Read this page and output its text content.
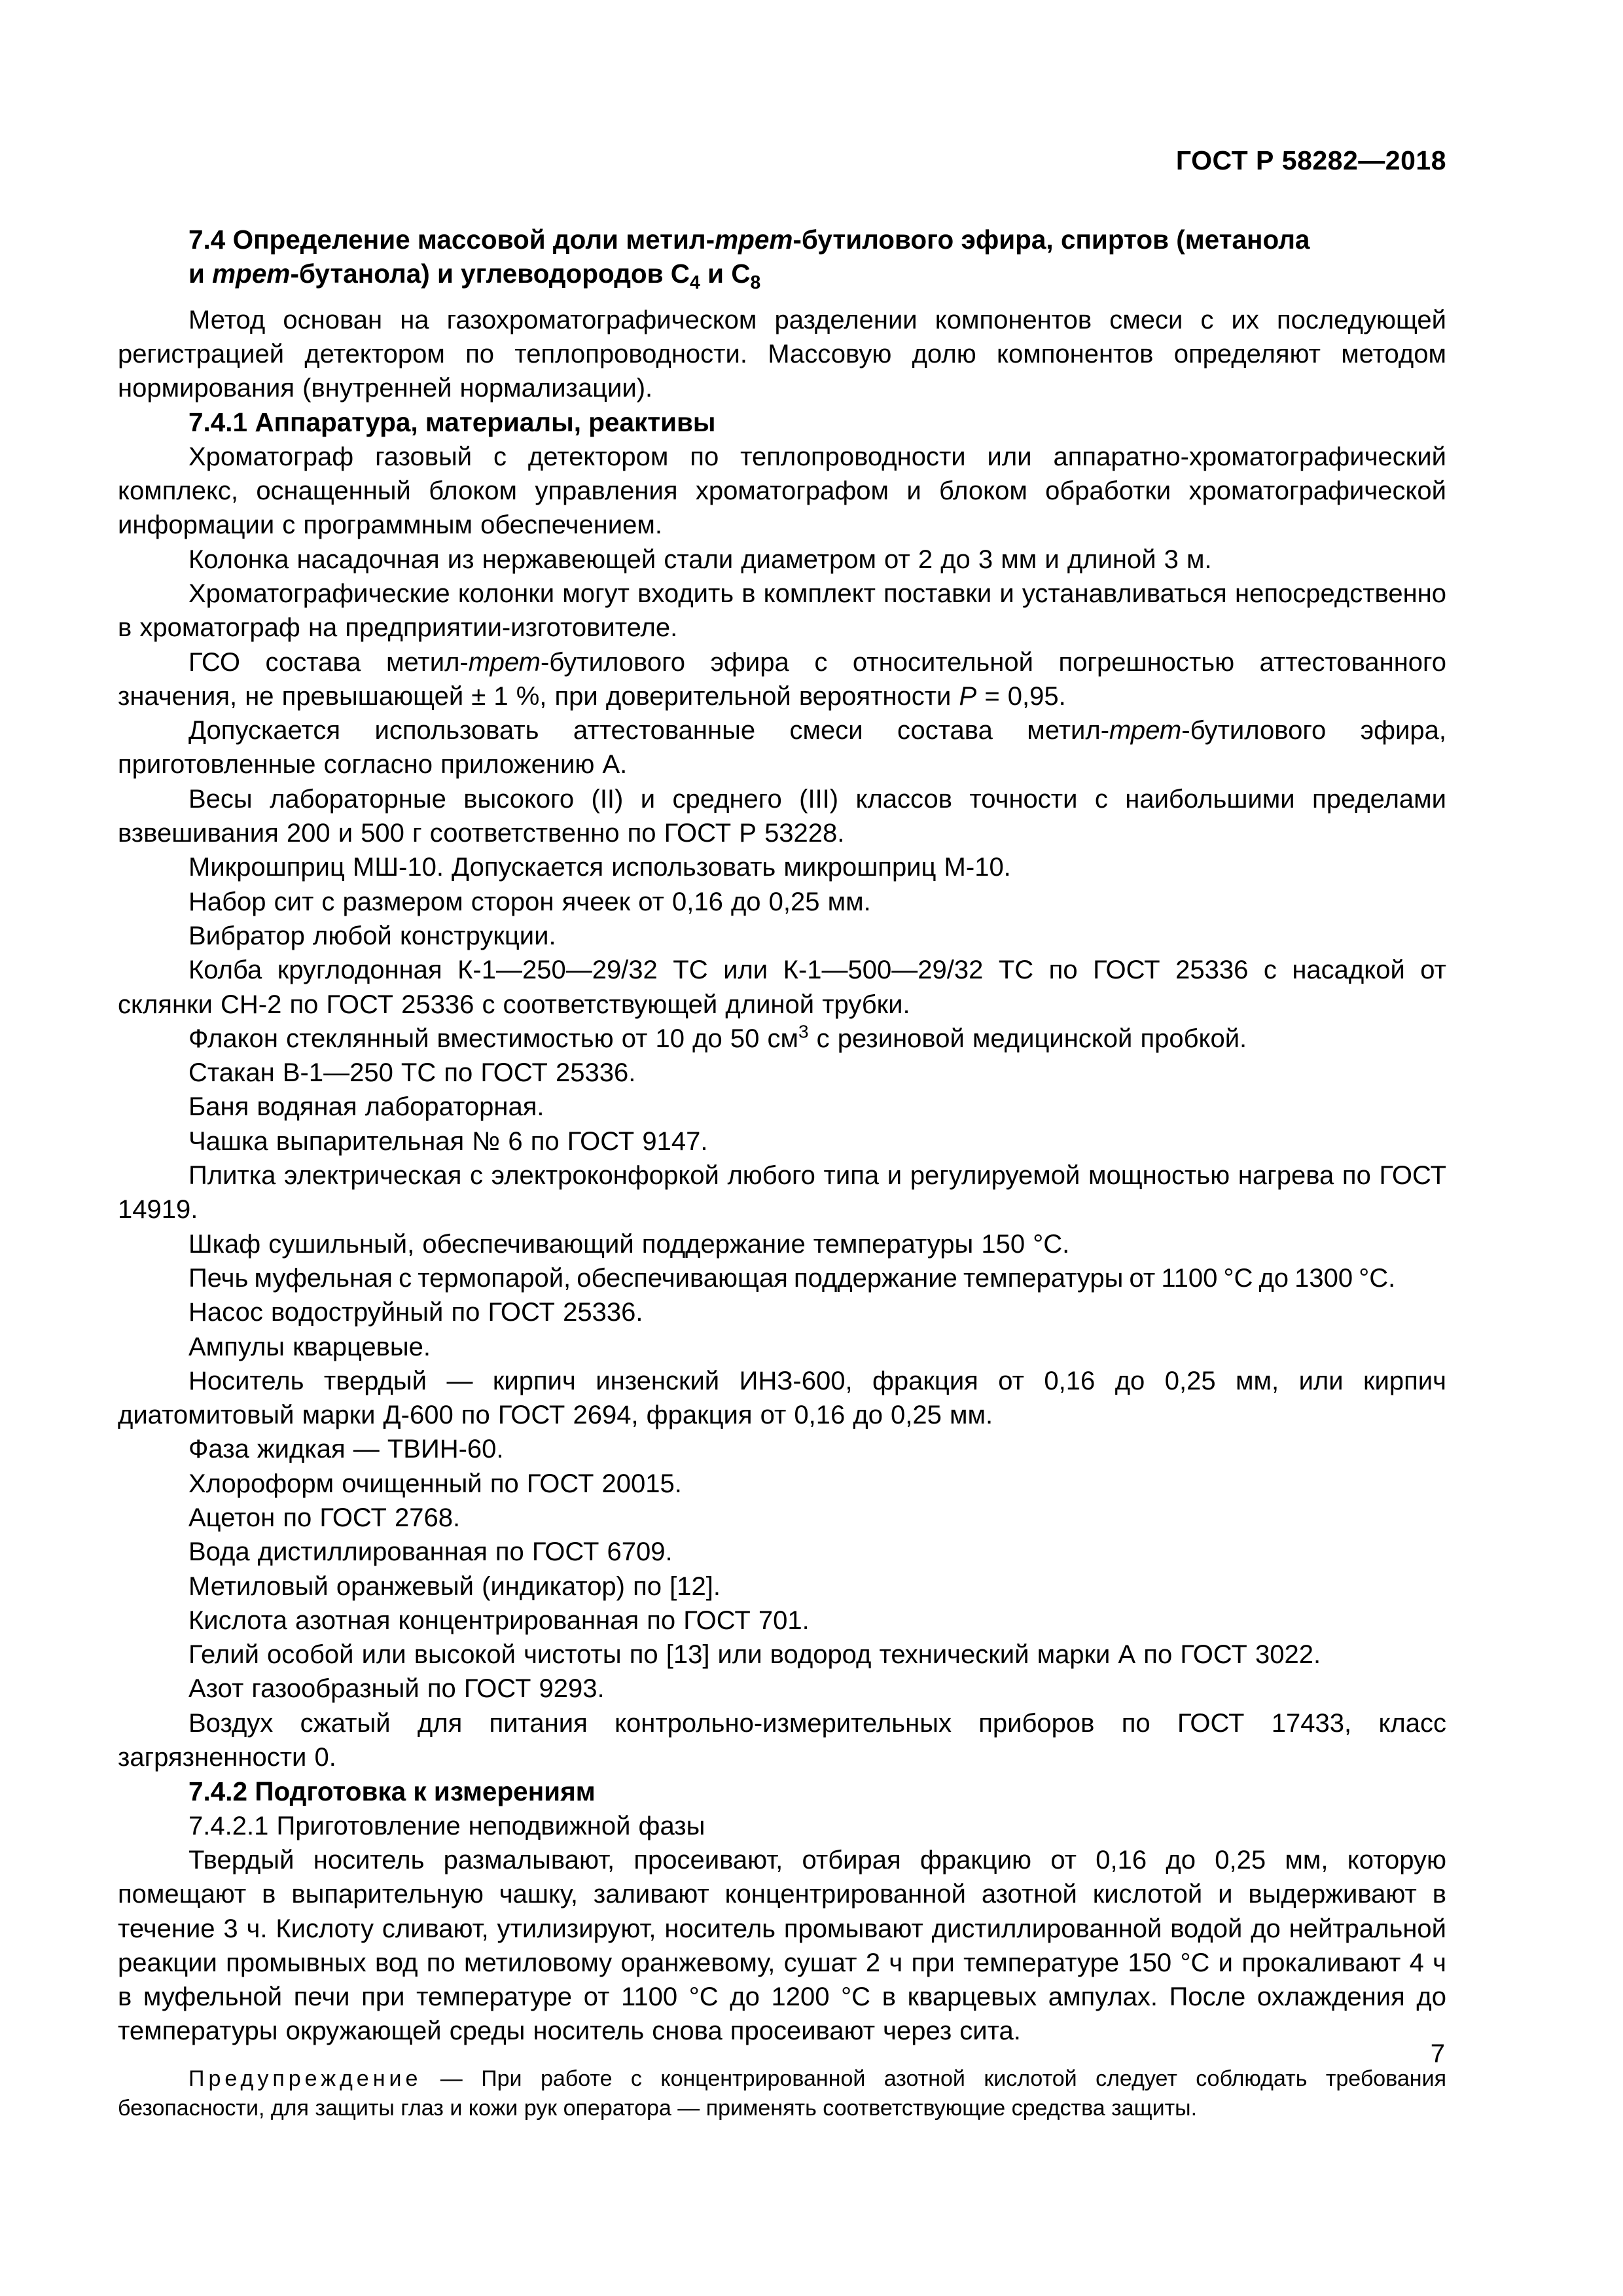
ГОСТ Р 58282—2018

7.4 Определение массовой доли метил-трет-бутилового эфира, спиртов (метанола
и трет-бутанола) и углеводородов $С_4$ и $С_8$

Метод основан на газохроматографическом разделении компонентов смеси с их последующей регистрацией детектором по теплопроводности. Массовую долю компонентов определяют методом нормирования (внутренней нормализации).

7.4.1 Аппаратура, материалы, реактивы

Хроматограф газовый с детектором по теплопроводности или аппаратно-хроматографический комплекс, оснащенный блоком управления хроматографом и блоком обработки хроматографической информации с программным обеспечением.

Колонка насадочная из нержавеющей стали диаметром от 2 до 3 мм и длиной 3 м.

Хроматографические колонки могут входить в комплект поставки и устанавливаться непосредственно в хроматограф на предприятии-изготовителе.

ГСО состава метил-трет-бутилового эфира с относительной погрешностью аттестованного значения, не превышающей ± 1 %, при доверительной вероятности Р = 0,95.

Допускается использовать аттестованные смеси состава метил-трет-бутилового эфира, приготовленные согласно приложению А.

Весы лабораторные высокого (II) и среднего (III) классов точности с наибольшими пределами взвешивания 200 и 500 г соответственно по ГОСТ Р 53228.

Микрошприц МШ-10. Допускается использовать микрошприц М-10.

Набор сит с размером сторон ячеек от 0,16 до 0,25 мм.

Вибратор любой конструкции.

Колба круглодонная К-1—250—29/32 ТС или К-1—500—29/32 ТС по ГОСТ 25336 с насадкой от склянки СН-2 по ГОСТ 25336 с соответствующей длиной трубки.

Флакон стеклянный вместимостью от 10 до 50 $см^3$ с резиновой медицинской пробкой.

Стакан В-1—250 ТС по ГОСТ 25336.

Баня водяная лабораторная.

Чашка выпарительная № 6 по ГОСТ 9147.

Плитка электрическая с электроконфоркой любого типа и регулируемой мощностью нагрева по ГОСТ 14919.

Шкаф сушильный, обеспечивающий поддержание температуры 150 °С.

Печь муфельная с термопарой, обеспечивающая поддержание температуры от 1100 °С до 1300 °С.

Насос водоструйный по ГОСТ 25336.

Ампулы кварцевые.

Носитель твердый — кирпич инзенский ИНЗ-600, фракция от 0,16 до 0,25 мм, или кирпич диатомитовый марки Д-600 по ГОСТ 2694, фракция от 0,16 до 0,25 мм.

Фаза жидкая — ТВИН-60.

Хлороформ очищенный по ГОСТ 20015.

Ацетон по ГОСТ 2768.

Вода дистиллированная по ГОСТ 6709.

Метиловый оранжевый (индикатор) по [12].

Кислота азотная концентрированная по ГОСТ 701.

Гелий особой или высокой чистоты по [13] или водород технический марки А по ГОСТ 3022.

Азот газообразный по ГОСТ 9293.

Воздух сжатый для питания контрольно-измерительных приборов по ГОСТ 17433, класс загрязненности 0.

7.4.2 Подготовка к измерениям

7.4.2.1 Приготовление неподвижной фазы

Твердый носитель размалывают, просеивают, отбирая фракцию от 0,16 до 0,25 мм, которую помещают в выпарительную чашку, заливают концентрированной азотной кислотой и выдерживают в течение 3 ч. Кислоту сливают, утилизируют, носитель промывают дистиллированной водой до нейтральной реакции промывных вод по метиловому оранжевому, сушат 2 ч при температуре 150 °С и прокаливают 4 ч в муфельной печи при температуре от 1100 °С до 1200 °С в кварцевых ампулах. После охлаждения до температуры окружающей среды носитель снова просеивают через сита.

Предупреждение — При работе с концентрированной азотной кислотой следует соблюдать требования безопасности, для защиты глаз и кожи рук оператора — применять соответствующие средства защиты.

7
